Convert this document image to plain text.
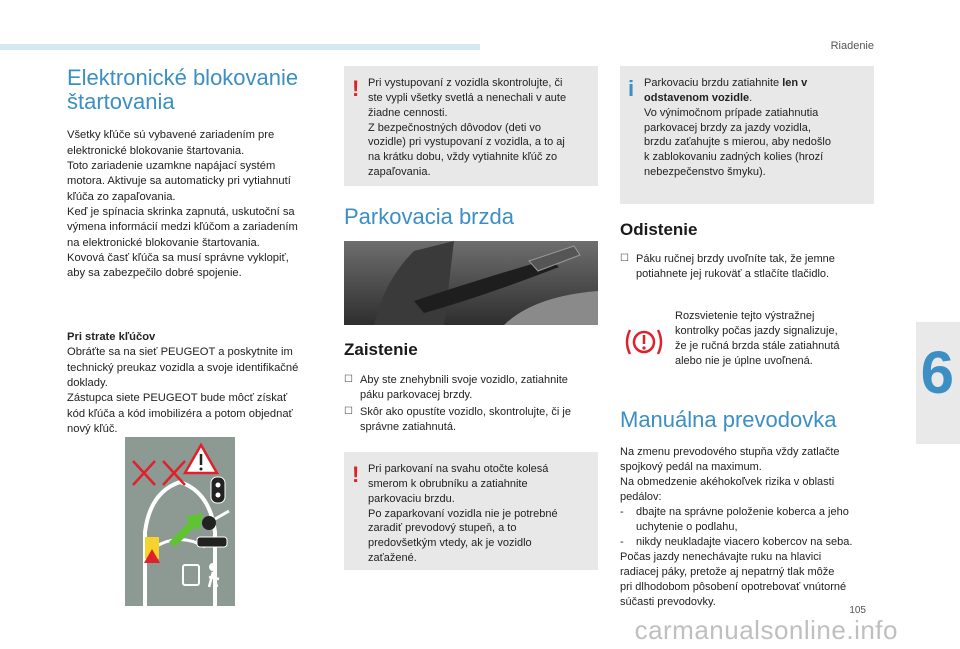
Riadenie
6
105
carmanualsonline.info
Elektronické blokovanie
štartovania
Všetky kľúče sú vybavené zariadením pre
elektronické blokovanie štartovania.
Toto zariadenie uzamkne napájací systém
motora. Aktivuje sa automaticky pri vytiahnutí
kľúča zo zapaľovania.
Keď je spínacia skrinka zapnutá, uskutoční sa
výmena informácií medzi kľúčom a zariadením
na elektronické blokovanie štartovania.
Kovová časť kľúča sa musí správne vyklopiť,
aby sa zabezpečilo dobré spojenie.
Pri strate kľúčov
Obráťte sa na sieť PEUGEOT a poskytnite im
technický preukaz vozidla a svoje identifikačné
doklady.
Zástupca siete PEUGEOT bude môcť získať
kód kľúča a kód imobilizéra a potom objednať
nový kľúč.
! Pri vystupovaní z vozidla skontrolujte, či
ste vypli všetky svetlá a nenechali v aute
žiadne cennosti.
Z bezpečnostných dôvodov (deti vo
vozidle) pri vystupovaní z vozidla, a to aj
na krátku dobu, vždy vytiahnite kľúč zo
zapaľovania.
Parkovacia brzda
Zaistenie
☐ Aby ste znehybnili svoje vozidlo, zatiahnite
páku parkovacej brzdy.
☐ Skôr ako opustíte vozidlo, skontrolujte, či je
správne zatiahnutá.
! Pri parkovaní na svahu otočte kolesá
smerom k obrubníku a zatiahnite
parkovaciu brzdu.
Po zaparkovaní vozidla nie je potrebné
zaradiť prevodový stupeň, a to
predovšetkým vtedy, ak je vozidlo
zaťažené.
i Parkovaciu brzdu zatiahnite len v
odstavenom vozidle.
Vo výnimočnom prípade zatiahnutia
parkovacej brzdy za jazdy vozidla,
brzdu zaťahujte s mierou, aby nedošlo
k zablokovaniu zadných kolies (hrozí
nebezpečenstvo šmyku).
Odistenie
☐ Páku ručnej brzdy uvoľníte tak, že jemne
potiahnete jej rukoväť a stlačíte tlačidlo.
Rozsvietenie tejto výstražnej
kontrolky počas jazdy signalizuje,
že je ručná brzda stále zatiahnutá
alebo nie je úplne uvoľnená.
Manuálna prevodovka
Na zmenu prevodového stupňa vždy zatlačte
spojkový pedál na maximum.
Na obmedzenie akéhokoľvek rizika v oblasti
pedálov:
-	dbajte na správne položenie koberca a jeho
uchytenie o podlahu,
-	nikdy neukladajte viacero kobercov na seba.
Počas jazdy nenechávajte ruku na hlavici
radiacej páky, pretože aj nepatrný tlak môže
pri dlhodobom pôsobení opotrebovať vnútorné
súčasti prevodovky.
